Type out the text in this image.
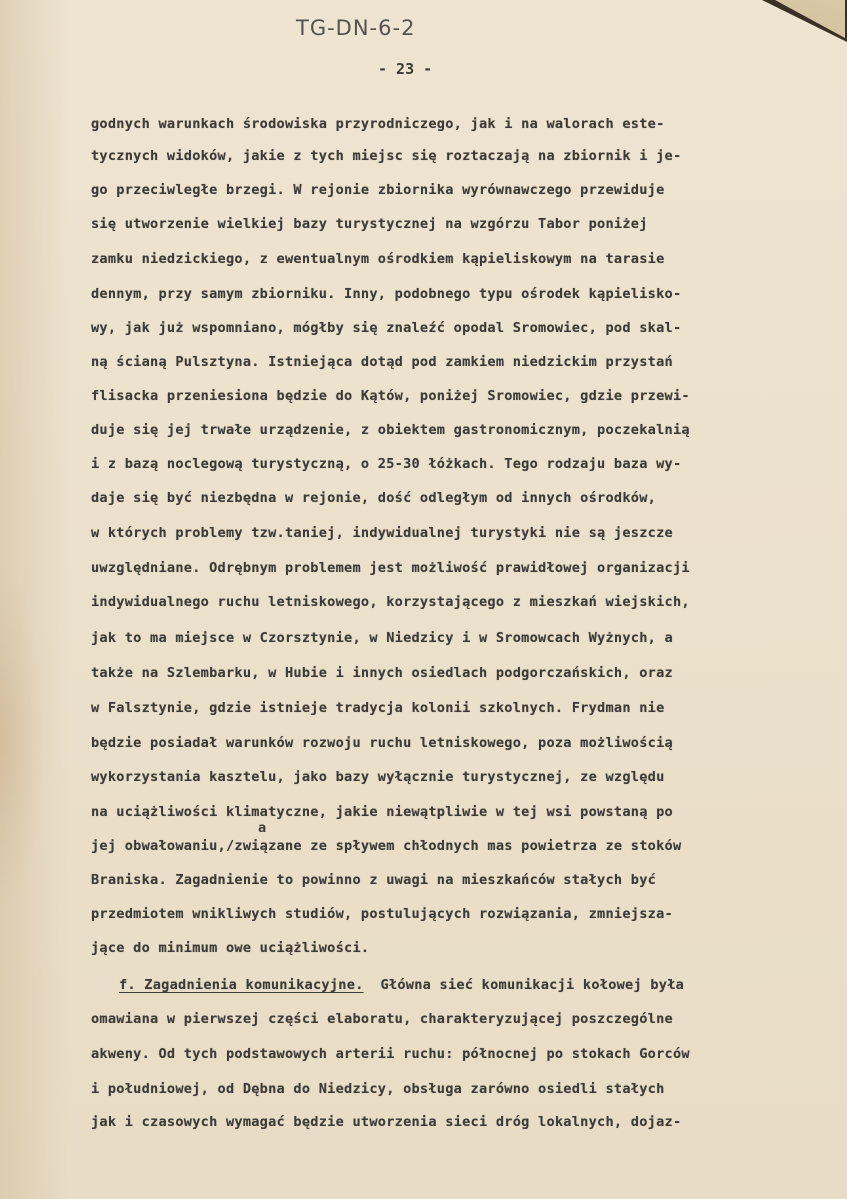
TG-DN-6-2
- 23 -
godnych warunkach środowiska przyrodniczego, jak i na walorach este-
tycznych widoków, jakie z tych miejsc się roztaczają na zbiornik i je-
go przeciwległe brzegi. W rejonie zbiornika wyrównawczego przewiduje
się utworzenie wielkiej bazy turystycznej na wzgórzu Tabor poniżej
zamku niedzickiego, z ewentualnym ośrodkiem kąpieliskowym na tarasie
dennym, przy samym zbiorniku. Inny, podobnego typu ośrodek kąpielisko-
wy, jak już wspomniano, mógłby się znaleźć opodal Sromowiec, pod skal-
ną ścianą Pulsztyna. Istniejąca dotąd pod zamkiem niedzickim przystań
flisacka przeniesiona będzie do Kątów, poniżej Sromowiec, gdzie przewi-
duje się jej trwałe urządzenie, z obiektem gastronomicznym, poczekalnią
i z bazą noclegową turystyczną, o 25-30 łóżkach. Tego rodzaju baza wy-
daje się być niezbędna w rejonie, dość odległym od innych ośrodków,
w których problemy tzw.taniej, indywidualnej turystyki nie są jeszcze
uwzględniane. Odrębnym problemem jest możliwość prawidłowej organizacji
indywidualnego ruchu letniskowego, korzystającego z mieszkań wiejskich,
jak to ma miejsce w Czorsztynie, w Niedzicy i w Sromowcach Wyżnych, a
także na Szlembarku, w Hubie i innych osiedlach podgorczańskich, oraz
w Falsztynie, gdzie istnieje tradycja kolonii szkolnych. Frydman nie
będzie posiadał warunków rozwoju ruchu letniskowego, poza możliwością
wykorzystania kasztelu, jako bazy wyłącznie turystycznej, ze względu
na uciążliwości klimatyczne, jakie niewątpliwie w tej wsi powstaną po
a
jej obwałowaniu,/związane ze spływem chłodnych mas powietrza ze stoków
Braniska. Zagadnienie to powinno z uwagi na mieszkańców stałych być
przedmiotem wnikliwych studiów, postulujących rozwiązania, zmniejsza-
jące do minimum owe uciążliwości.
f. Zagadnienia komunikacyjne. Główna sieć komunikacji kołowej była
omawiana w pierwszej części elaboratu, charakteryzującej poszczególne
akweny. Od tych podstawowych arterii ruchu: północnej po stokach Gorców
i południowej, od Dębna do Niedzicy, obsługa zarówno osiedli stałych
jak i czasowych wymagać będzie utworzenia sieci dróg lokalnych, dojaz-
